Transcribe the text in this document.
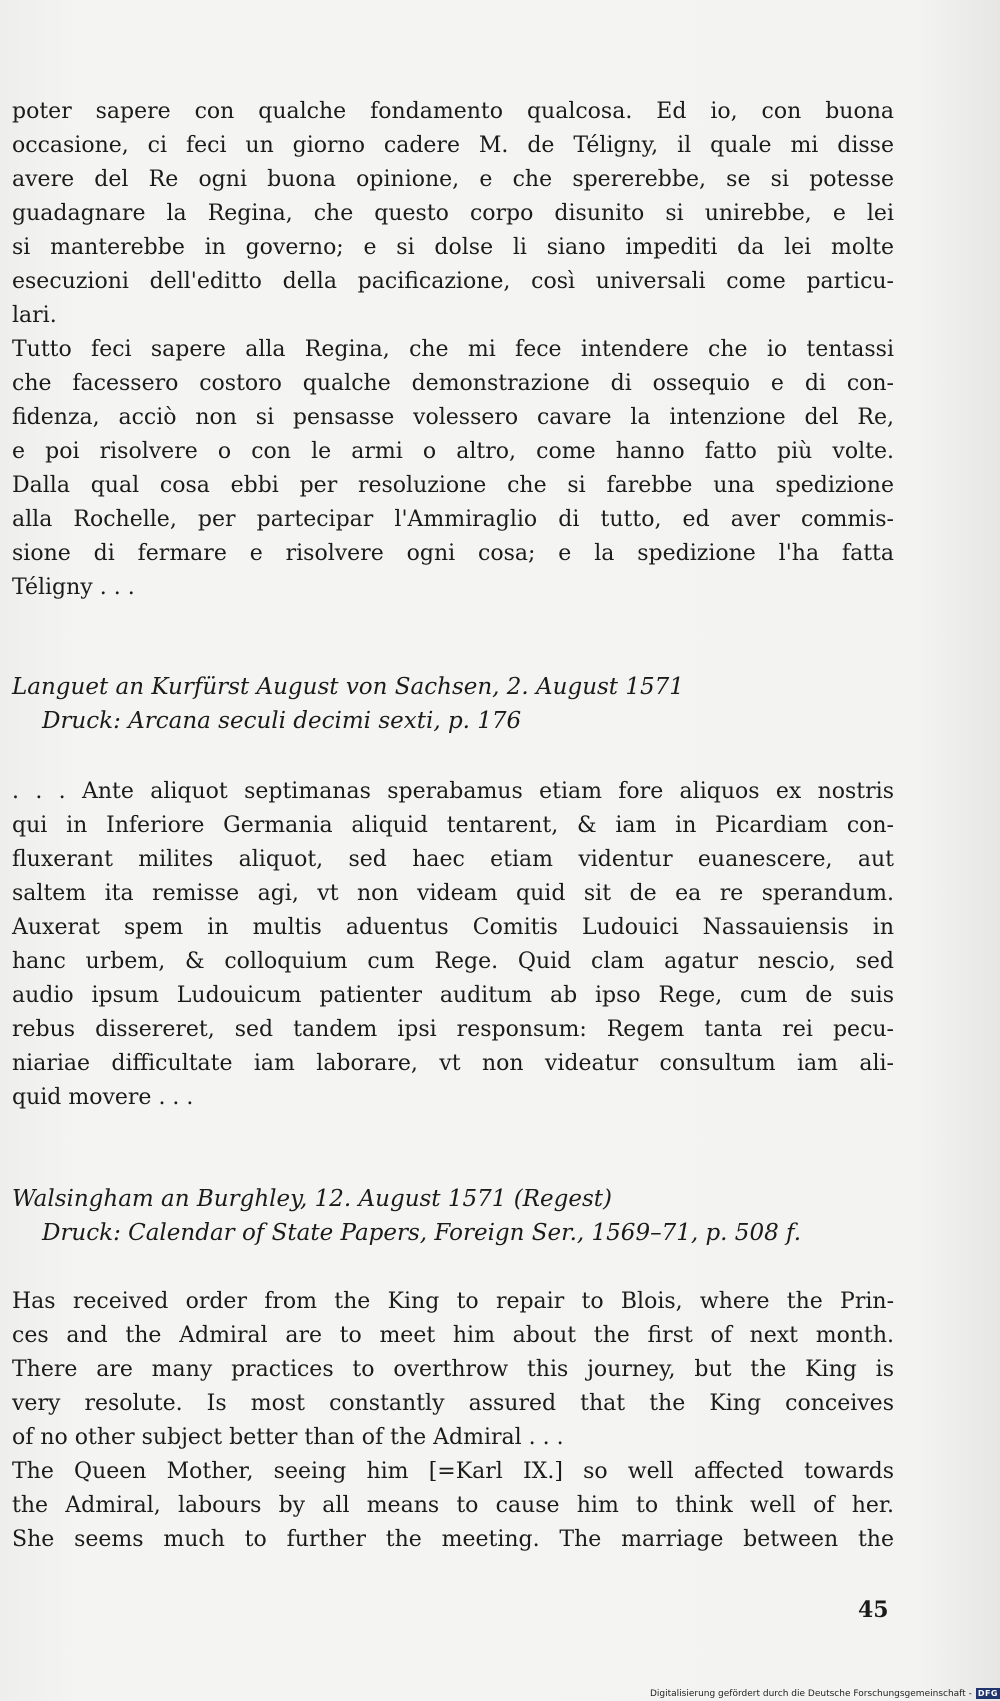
poter sapere con qualche fondamento qualcosa. Ed io, con buona
occasione, ci feci un giorno cadere M. de Téligny, il quale mi disse
avere del Re ogni buona opinione, e che spererebbe, se si potesse
guadagnare la Regina, che questo corpo disunito si unirebbe, e lei
si manterebbe in governo; e si dolse li siano impediti da lei molte
esecuzioni dell'editto della pacificazione, così universali come particu-
lari.
Tutto feci sapere alla Regina, che mi fece intendere che io tentassi
che facessero costoro qualche demonstrazione di ossequio e di con-
fidenza, acciò non si pensasse volessero cavare la intenzione del Re,
e poi risolvere o con le armi o altro, come hanno fatto più volte.
Dalla qual cosa ebbi per resoluzione che si farebbe una spedizione
alla Rochelle, per partecipar l'Ammiraglio di tutto, ed aver commis-
sione di fermare e risolvere ogni cosa; e la spedizione l'ha fatta
Téligny . . .
Languet an Kurfürst August von Sachsen, 2. August 1571
Druck: Arcana seculi decimi sexti, p. 176
. . . Ante aliquot septimanas sperabamus etiam fore aliquos ex nostris
qui in Inferiore Germania aliquid tentarent, & iam in Picardiam con-
fluxerant milites aliquot, sed haec etiam videntur euanescere, aut
saltem ita remisse agi, vt non videam quid sit de ea re sperandum.
Auxerat spem in multis aduentus Comitis Ludouici Nassauiensis in
hanc urbem, & colloquium cum Rege. Quid clam agatur nescio, sed
audio ipsum Ludouicum patienter auditum ab ipso Rege, cum de suis
rebus dissereret, sed tandem ipsi responsum: Regem tanta rei pecu-
niariae difficultate iam laborare, vt non videatur consultum iam ali-
quid movere . . .
Walsingham an Burghley, 12. August 1571 (Regest)
Druck: Calendar of State Papers, Foreign Ser., 1569–71, p. 508 f.
Has received order from the King to repair to Blois, where the Prin-
ces and the Admiral are to meet him about the first of next month.
There are many practices to overthrow this journey, but the King is
very resolute. Is most constantly assured that the King conceives
of no other subject better than of the Admiral . . .
The Queen Mother, seeing him [=Karl IX.] so well affected towards
the Admiral, labours by all means to cause him to think well of her.
She seems much to further the meeting. The marriage between the
45
Digitalisierung gefördert durch die Deutsche Forschungsgemeinschaft - DFG
